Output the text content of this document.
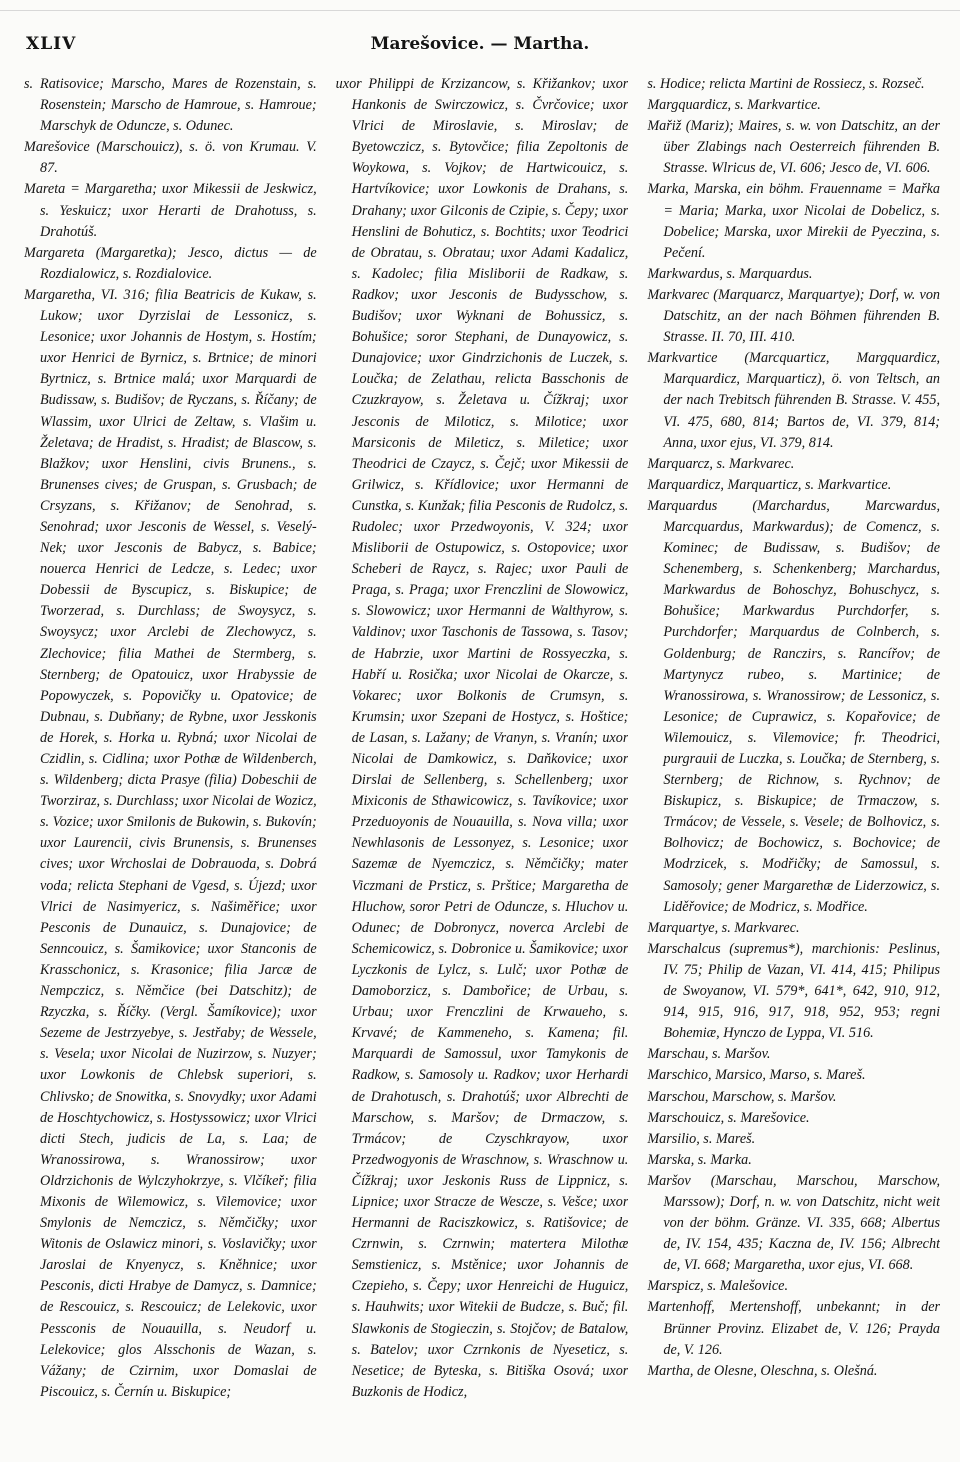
XLIV	Marešovice. — Martha.

s. Ratisovice; Marscho, Mares de Rozenstain, s. Rosenstein; Marscho de Hamroue, s. Hamroue; Marschyk de Oduncze, s. Odunec.

Marešovice (Marschouicz), s. ö. von Krumau. V. 87.

Mareta = Margaretha; uxor Mikessii de Jeskwicz, s. Yeskuicz; uxor Herarti de Drahotuss, s. Drahotúš.

Margareta (Margaretka); Jesco, dictus — de Rozdialowicz, s. Rozdialovice.

Margaretha, VI. 316; filia Beatricis de Kukaw, s. Lukow; uxor Dyrzislai de Lessonicz, s. Lesonice; uxor Johannis de Hostym, s. Hostím; uxor Henrici de Byrnicz, s. Brtnice; de minori Byrtnicz, s. Brtnice malá; uxor Marquardi de Budissaw, s. Budišov; de Ryczans, s. Říčany; de Wlassim, uxor Ulrici de Zeltaw, s. Vlašim u. Želetava; de Hradist, s. Hradist; de Blascow, s. Blažkov; uxor Henslini, civis Brunens., s. Brunenses cives; de Gruspan, s. Grusbach; de Crsyzans, s. Křižanov; de Senohrad, s. Senohrad; uxor Jesconis de Wessel, s. Veselý-Nek; uxor Jesconis de Babycz, s. Babice; nouerca Henrici de Ledcze, s. Ledec; uxor Dobessii de Byscupicz, s. Biskupice; de Tworzerad, s. Durchlass; de Swoysycz, s. Swoysycz; uxor Arclebi de Zlechowycz, s. Zlechovice; filia Mathei de Stermberg, s. Sternberg; de Opatouicz, uxor Hrabyssie de Popowyczek, s. Popovičky u. Opatovice; de Dubnau, s. Dubňany; de Rybne, uxor Jesskonis de Horek, s. Horka u. Rybná; uxor Nicolai de Czidlin, s. Cidlina; uxor Pothæ de Wildenberch, s. Wildenberg; dicta Prasye (filia) Dobeschii de Tworziraz, s. Durchlass; uxor Nicolai de Wozicz, s. Vozice; uxor Smilonis de Bukowin, s. Bukovín; uxor Laurencii, civis Brunensis, s. Brunenses cives; uxor Wrchoslai de Dobrauoda, s. Dobrá voda; relicta Stephani de Vgesd, s. Újezd; uxor Vlrici de Nasimyericz, s. Našiměřice; uxor Pesconis de Dunauicz, s. Dunajovice; de Senncouicz, s. Šamikovice; uxor Stanconis de Krasschonicz, s. Krasonice; filia Jarcæ de Nempczicz, s. Němčice (bei Datschitz); de Rzyczka, s. Říčky. (Vergl. Šamíkovice); uxor Sezeme de Jestrzyebye, s. Jestřaby; de Wessele, s. Vesela; uxor Nicolai de Nuzirzow, s. Nuzyer; uxor Lowkonis de Chlebsk superiori, s. Chlivsko; de Snowitka, s. Snovydky; uxor Adami de Hoschtychowicz, s. Hostyssowicz; uxor Vlrici dicti Stech, judicis de La, s. Laa; de Wranossirowa, s. Wranossirow; uxor Oldrzichonis de Wylczyhokrzye, s. Vlčíkeř; filia Mixonis de Wilemowicz, s. Vilemovice; uxor Smylonis de Nemczicz, s. Němčičky; uxor Witonis de Oslawicz minori, s. Voslavičky; uxor Jaroslai de Knyenycz, s. Kněhnice; uxor Pesconis, dicti Hrabye de Damycz, s. Damnice; de Rescouicz, s. Rescouicz; de Lelekovic, uxor Pessconis de Nouauilla, s. Neudorf u. Lelekovice; glos Alsschonis de Wazan, s. Vážany; de Czirnim, uxor Domaslai de Piscouicz, s. Černín u. Biskupice;

uxor Philippi de Krzizancow, s. Křižankov; uxor Hankonis de Swirczowicz, s. Čvrčovice; uxor Vlrici de Miroslavie, s. Miroslav; de Byetowczicz, s. Bytovčice; filia Zepoltonis de Woykowa, s. Vojkov; de Hartwicouicz, s. Hartvíkovice; uxor Lowkonis de Drahans, s. Drahany; uxor Gilconis de Czipie, s. Čepy; uxor Henslini de Bohuticz, s. Bochtits; uxor Teodrici de Obratau, s. Obratau; uxor Adami Kadalicz, s. Kadolec; filia Misliborii de Radkaw, s. Radkov; uxor Jesconis de Budysschow, s. Budišov; uxor Wyknani de Bohussicz, s. Bohušice; soror Stephani, de Dunayowicz, s. Dunajovice; uxor Gindrzichonis de Luczek, s. Loučka; de Zelathau, relicta Basschonis de Czuzkrayow, s. Želetava u. Čížkraj; uxor Jesconis de Miloticz, s. Milotice; uxor Marsiconis de Mileticz, s. Miletice; uxor Theodrici de Czaycz, s. Čejč; uxor Mikessii de Grilwicz, s. Křídlovice; uxor Hermanni de Cunstka, s. Kunžak; filia Pesconis de Rudolcz, s. Rudolec; uxor Przedwoyonis, V. 324; uxor Misliborii de Ostupowicz, s. Ostopovice; uxor Scheberi de Raycz, s. Rajec; uxor Pauli de Praga, s. Praga; uxor Frenczlini de Slowowicz, s. Slowowicz; uxor Hermanni de Walthyrow, s. Valdinov; uxor Taschonis de Tassowa, s. Tasov; de Habrzie, uxor Martini de Rossyeczka, s. Habří u. Rosička; uxor Nicolai de Okarcze, s. Vokarec; uxor Bolkonis de Crumsyn, s. Krumsin; uxor Szepani de Hostycz, s. Hoštice; de Lasan, s. Lažany; de Vranyn, s. Vranín; uxor Nicolai de Damkowicz, s. Daňkovice; uxor Dirslai de Sellenberg, s. Schellenberg; uxor Mixiconis de Sthawicowicz, s. Tavíkovice; uxor Przeduoyonis de Nouauilla, s. Nova villa; uxor Newhlasonis de Lessonyez, s. Lesonice; uxor Sazemæ de Nyemczicz, s. Němčičky; mater Viczmani de Prsticz, s. Prštice; Margaretha de Hluchow, soror Petri de Oduncze, s. Hluchov u. Odunec; de Dobronycz, noverca Arclebi de Schemicowicz, s. Dobronice u. Šamikovice; uxor Lyczkonis de Lylcz, s. Lulč; uxor Pothæ de Damoborzicz, s. Dambořice; de Urbau, s. Urbau; uxor Frenczlini de Krwaueho, s. Krvavé; de Kammeneho, s. Kamena; fil. Marquardi de Samossul, uxor Tamykonis de Radkow, s. Samosoly u. Radkov; uxor Herhardi de Drahotusch, s. Drahotúš; uxor Albrechti de Marschow, s. Maršov; de Drmaczow, s. Trmácov; de Czyschkrayow, uxor Przedwogyonis de Wraschnow, s. Wraschnow u. Čížkraj; uxor Jeskonis Russ de Lippnicz, s. Lipnice; uxor Stracze de Wescze, s. Vešce; uxor Hermanni de Raciszkowicz, s. Ratišovice; de Czrnwin, s. Czrnwin; matertera Milothæ Semstienicz, s. Mstěnice; uxor Johannis de Czepieho, s. Čepy; uxor Henreichi de Huguicz, s. Hauhwits; uxor Witekii de Budcze, s. Buč; fil. Slawkonis de Stogieczin, s. Stojčov; de Batalow, s. Batelov; uxor Czrnkonis de Nyeseticz, s. Nesetice; de Byteska, s. Bitiška Osová; uxor Buzkonis de Hodicz,

s. Hodice; relicta Martini de Rossiecz, s. Rozseč.

Margquardicz, s. Markvartice.

Mařiž (Mariz); Maires, s. w. von Datschitz, an der über Zlabings nach Oesterreich führenden B. Strasse. Wlricus de, VI. 606; Jesco de, VI. 606.

Marka, Marska, ein böhm. Frauenname = Mařka = Maria; Marka, uxor Nicolai de Dobelicz, s. Dobelice; Marska, uxor Mirekii de Pyeczina, s. Pečení.

Markwardus, s. Marquardus.

Markvarec (Marquarcz, Marquartye); Dorf, w. von Datschitz, an der nach Böhmen führenden B. Strasse. II. 70, III. 410.

Markvartice (Marcquarticz, Margquardicz, Marquardicz, Marquarticz), ö. von Teltsch, an der nach Trebitsch führenden B. Strasse. V. 455, VI. 475, 680, 814; Bartos de, VI. 379, 814; Anna, uxor ejus, VI. 379, 814.

Marquarcz, s. Markvarec.

Marquardicz, Marquarticz, s. Markvartice.

Marquardus (Marchardus, Marcwardus, Marcquardus, Markwardus); de Comencz, s. Kominec; de Budissaw, s. Budišov; de Schenemberg, s. Schenkenberg; Marchardus, Markwardus de Bohoschyz, Bohuschycz, s. Bohušice; Markwardus Purchdorfer, s. Purchdorfer; Marquardus de Colnberch, s. Goldenburg; de Ranczirs, s. Rancířov; de Martynycz rubeo, s. Martinice; de Wranossirowa, s. Wranossirow; de Lessonicz, s. Lesonice; de Cuprawicz, s. Kopařovice; de Wilemouicz, s. Vilemovice; fr. Theodrici, purgrauii de Luczka, s. Loučka; de Sternberg, s. Sternberg; de Richnow, s. Rychnov; de Biskupicz, s. Biskupice; de Trmaczow, s. Trmácov; de Vessele, s. Vesele; de Bolhovicz, s. Bolhovicz; de Bochowicz, s. Bochovice; de Modrzicek, s. Modřičky; de Samossul, s. Samosoly; gener Margarethæ de Liderzowicz, s. Liděřovice; de Modricz, s. Modřice.

Marquartye, s. Markvarec.

Marschalcus (supremus*), marchionis: Peslinus, IV. 75; Philip de Vazan, VI. 414, 415; Philipus de Swoyanow, VI. 579*, 641*, 642, 910, 912, 914, 915, 916, 917, 918, 952, 953; regni Bohemiæ, Hynczo de Lyppa, VI. 516.

Marschau, s. Maršov.

Marschico, Marsico, Marso, s. Mareš.

Marschou, Marschow, s. Maršov.

Marschouicz, s. Marešovice.

Marsilio, s. Mareš.

Marska, s. Marka.

Maršov (Marschau, Marschou, Marschow, Marssow); Dorf, n. w. von Datschitz, nicht weit von der böhm. Gränze. VI. 335, 668; Albertus de, IV. 154, 435; Kaczna de, IV. 156; Albrecht de, VI. 668; Margaretha, uxor ejus, VI. 668.

Marspicz, s. Malešovice.

Martenhoff, Mertenshoff, unbekannt; in der Brünner Provinz. Elizabet de, V. 126; Prayda de, V. 126.

Martha, de Olesne, Oleschna, s. Olešná.
